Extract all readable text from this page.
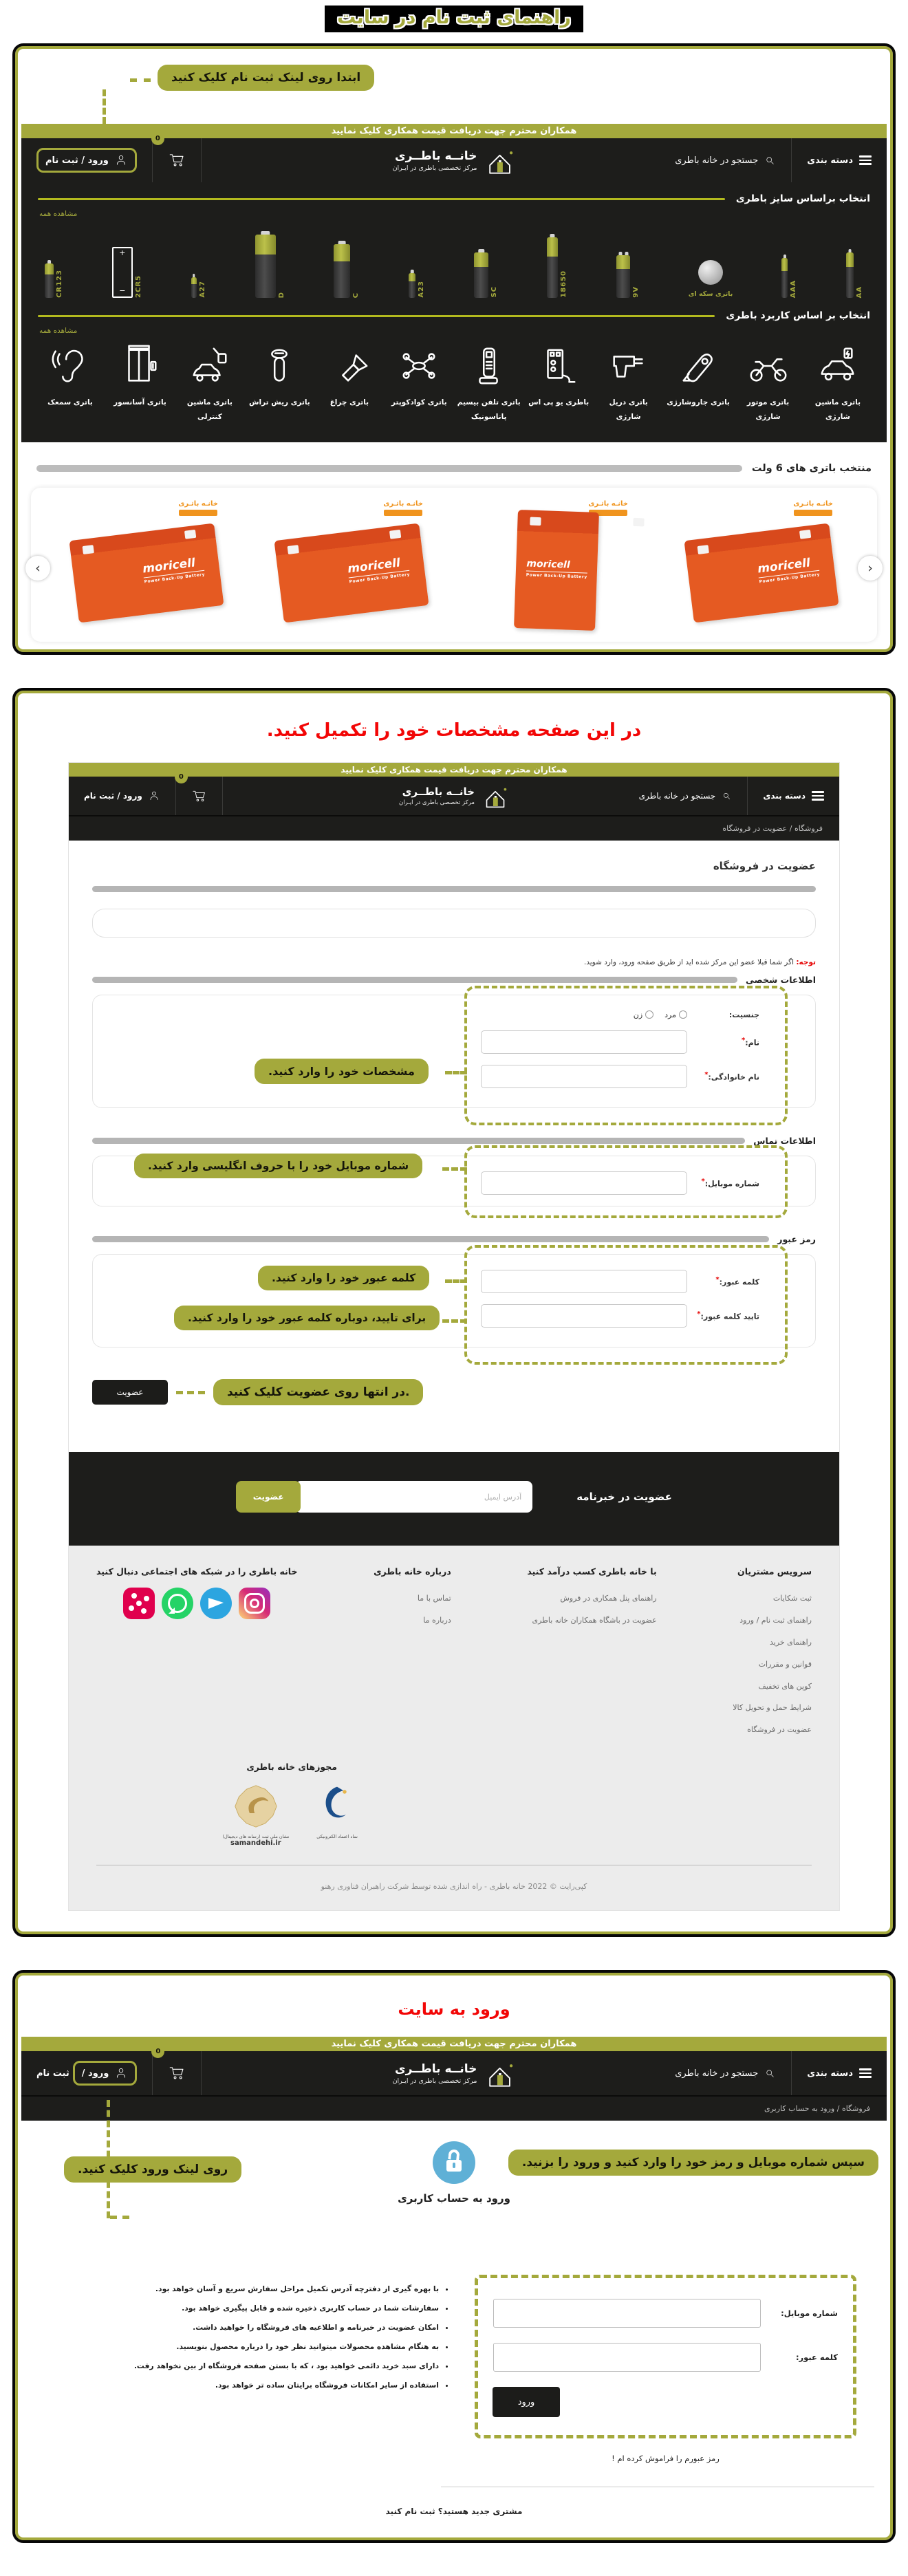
راهنمای ثبت نام در سایت
ابتدا روی لینک ثبت نام کلیک کنید
همکاران محترم جهت دریافت قیمت همکاری کلیک نمایید
دسته بندی
جستجو در خانه باطری
خانــه باطــری
مرکز تخصصی باطری در ایـران
0
ورود / ثبت نام
انتخاب براساس سایز باطری
مشاهده همه
AA
AAA
باتری سکه ای
9V
18650
SC
A23
C
D
A27
2CR5
+ −
CR123
انتخاب بر اساس کاربرد باطری
مشاهده همه
باتری ماشین شارژی
باتری موتور شارژی
باتری جاروشارژی
باتری دریل شارژی
باطری یو پی اس
باتری تلفن بیسیم پاناسونیک
باتری کوادکوپتر
باتری چراغ
باتری ریش تراش
باتری ماشین کنترلی
باتری آسانسور
باتری سمعک
منتخب باتری های 6 ولت
‹
خانـه باتـری
moricell
Power Back-Up Battery
خانـه باتـری
moricell
Power Back-Up Battery
خانـه باتـری
moricell
Power Back-Up Battery
خانـه باتـری
moricell
Power Back-Up Battery
›
در این صفحه مشخصات خود را تکمیل کنید.
همکاران محترم جهت دریافت قیمت همکاری کلیک نمایید
دسته بندی
جستجو در خانه باطری
خانــه باطــری
مرکز تخصصی باطری در ایـران
0
ورود / ثبت نام
فروشگاه / عضویت در فروشگاه
عضویت در فروشگاه
توجه: اگر شما قبلا عضو این مرکز شده اید از طریق صفحه ورود، وارد شوید.
اطلاعات شخصی
جنسیت:
مرد
زن
نام:*
نام خانوادگی:*
مشخصات خود را وارد کنید.
اطلاعات تماس
شماره موبایل:*
شماره موبایل خود را با حروف انگلیسی وارد کنید.
رمز عبور
کلمه عبور:*
تایید کلمه عبور:*
کلمه عبور خود را وارد کنید.
برای تایید، دوباره کلمه عبور خود را وارد کنید.
عضویت	در انتها روی عضویت کلیک کنید.
عضویت در خبرنامه
عضویت
آدرس ایمیل
سرویس مشتریان
ثبت شکایات
راهنمای ثبت نام / ورود
راهنمای خرید
قوانین و مقررات
کوپن های تخفیف
شرایط حمل و تحویل کالا
عضویت در فروشگاه
با خانه باطری کسب درآمد کنید
راهنمای پنل همکاری در فروش
عضویت در باشگاه همکاران خانه باطری
درباره خانه باطری
تماس با ما
درباره ما
خانه باطری را در شبکه های اجتماعی دنبال کنید
مجوزهای خانه باطری
نماد اعتماد الکترونیکی
نشان ملی ثبت (رسانه های دیجیتال)
samandehi.ir
کپی‌رایت © 2022 خانه باطری - راه اندازی شده توسط شرکت راهبران فناوری رهنو
ورود به سایت
همکاران محترم جهت دریافت قیمت همکاری کلیک نمایید
دسته بندی
جستجو در خانه باطری
خانــه باطــری
مرکز تخصصی باطری در ایـران
0
ورود /
ثبت نام
فروشگاه / ورود به حساب کاربری
ورود به حساب کاربری
سپس شماره موبایل و رمز خود را وارد کنید و ورود را بزنید.
روی لینک ورود کلیک کنید.
شماره موبایل:
کلمه عبور:
ورود
رمز عبورم را فراموش کرده ام !
• با بهره گیری از دفترچه آدرس تکمیل مراحل سفارش سریع و آسان خواهد بود.
• سفارشات شما در حساب کاربری ذخیره شده و قابل پیگیری خواهد بود.
• امکان عضویت در خبرنامه و اطلاعیه های فروشگاه را خواهید داشت.
• به هنگام مشاهده محصولات میتوانید نظر خود را درباره محصول بنویسید.
• دارای سبد خرید دائمی خواهید بود ، که با بستن صفحه فروشگاه از بین نخواهد رفت.
• استفاده از سایر امکانات فروشگاه برایتان ساده تر خواهد بود.
مشتری جدید هستید؟ ثبت نام کنید
